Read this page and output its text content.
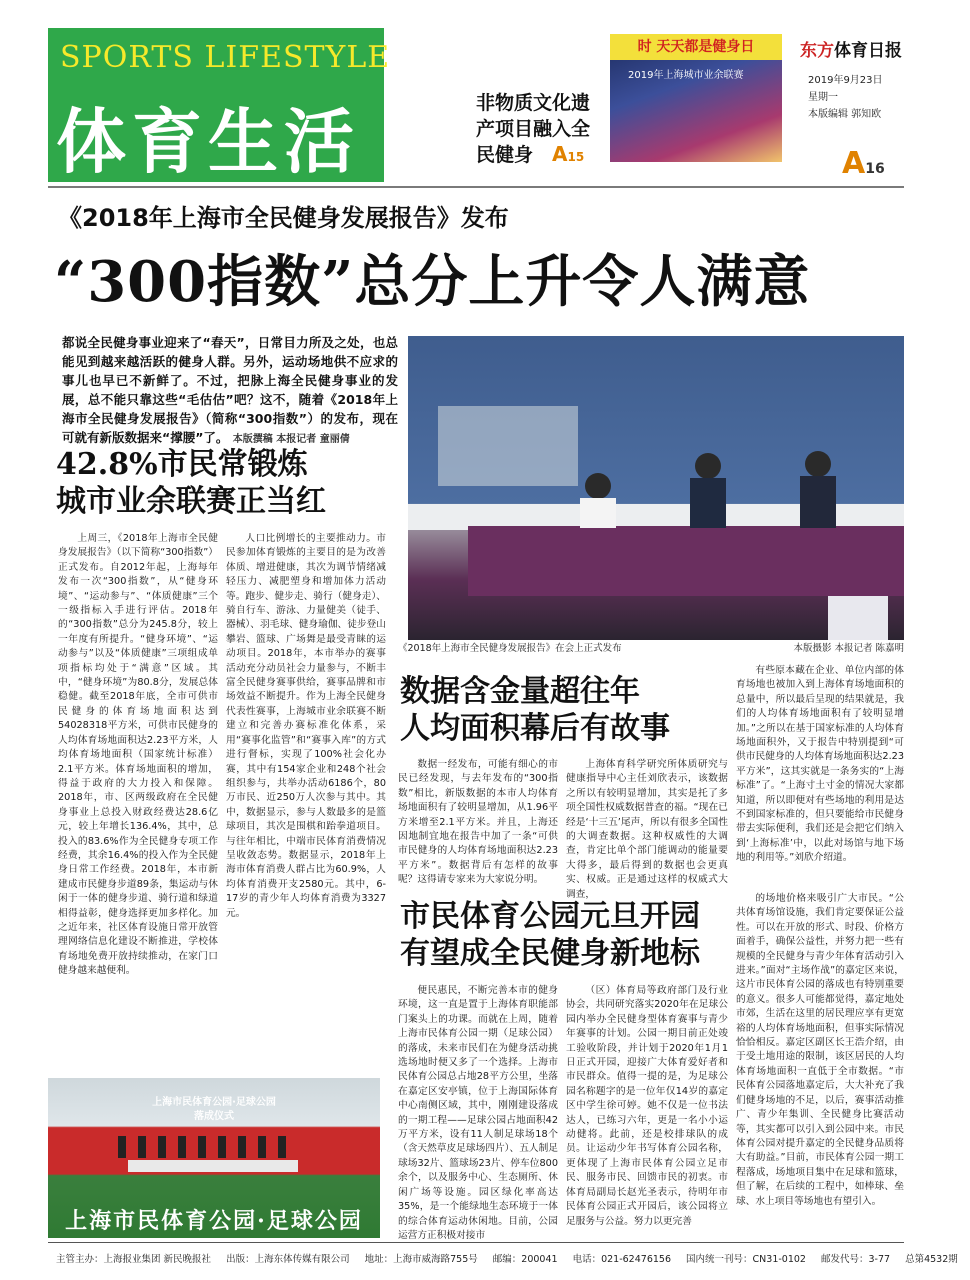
SPORTS LIFESTYLE
体育生活	非物质文化遗产项目融入全民健身 A15
时 天天都是健身日
2019年上海城市业余联赛
东方体育日报
2019年9月23日
星期一
本版编辑 郭知欧
A16
《2018年上海市全民健身发展报告》发布
“300指数”总分上升令人满意
都说全民健身事业迎来了“春天”，日常目力所及之处，也总能见到越来越活跃的健身人群。另外，运动场地供不应求的事儿也早已不新鲜了。不过，把脉上海全民健身事业的发展，总不能只靠这些“毛估估”吧？这不，随着《2018年上海市全民健身发展报告》（简称“300指数”）的发布，现在可就有新版数据来“撑腰”了。 本版撰稿 本报记者 童丽倩
《2018年上海市全民健身发展报告》在会上正式发布	本版摄影 本报记者 陈嘉明
42.8%市民常锻炼
城市业余联赛正当红

上周三，《2018年上海市全民健身发展报告》（以下简称“300指数”）正式发布。自2012年起，上海每年发布一次“300指数”，从“健身环境”、“运动参与”、“体质健康”三个一级指标入手进行评估。2018年的“300指数”总分为245.8分，较上一年度有所提升。“健身环境”、“运动参与”以及“体质健康”三项组成单项指标均处于“满意”区域。其中，“健身环境”为80.8分，发展总体稳健。截至2018年底，全市可供市民健身的体育场地面积达到54028318平方米，可供市民健身的人均体育场地面积达2.23平方米，人均体育场地面积（国家统计标准）2.1平方米。体育场地面积的增加，得益于政府的大力投入和保障。2018年，市、区两级政府在全民健身事业上总投入财政经费达28.6亿元，较上年增长136.4%，其中，总投入的83.6%作为全民健身专项工作经费，其余16.4%的投入作为全民健身日常工作经费。2018年，本市新建成市民健身步道89条，集运动与休闲于一体的健身步道、骑行道和绿道相得益彰，健身选择更加多样化。加之近年来，社区体育设施日常开放管理网络信息化建设不断推进，学校体育场地免费开放持续推动，在家门口健身越来越便利。

人口比例增长的主要推动力。市民参加体育锻炼的主要目的是为改善体质、增进健康，其次为调节情绪减轻压力、减肥塑身和增加体力活动等。跑步、健步走、骑行（健身走）、骑自行车、游泳、力量健美（徒手、器械）、羽毛球、健身瑜伽、徒步登山攀岩、篮球、广场舞是最受青睐的运动项目。2018年，本市举办的赛事活动充分动员社会力量参与，不断丰富全民健身赛事供给，赛事品牌和市场效益不断提升。作为上海全民健身代表性赛事，上海城市业余联赛不断建立和完善办赛标准化体系，采用“赛事化监管”和“赛事入库”的方式进行督标，实现了100%社会化办赛，其中有154家企业和248个社会组织参与，共举办活动6186个，80万市民、近250万人次参与其中。其中，数据显示，参与人数最多的是篮球项目，其次是围棋和跆拳道项目。与往年相比，中端市民体育消费情况呈收敛态势。数据显示，2018年上海市体育消费人群占比为60.9%，人均体育消费开支2580元。其中，6-17岁的青少年人均体育消费为3327元。

数据含金量超往年
人均面积幕后有故事

数据一经发布，可能有细心的市民已经发现，与去年发布的“300指数”相比，新版数据的本市人均体育场地面积有了较明显增加，从1.96平方米增至2.1平方米。并且，上海还因地制宜地在报告中加了一条“可供市民健身的人均体育场地面积达2.23平方米”。数据背后有怎样的故事呢？这得请专家来为大家说分明。

上海体育科学研究所体质研究与健康指导中心主任刘欣表示，该数据之所以有较明显增加，其实是托了多项全国性权威数据普查的福。“现在已经是‘十三五’尾声，所以有很多全国性的大调查数据。这种权威性的大调查，肯定比单个部门能调动的能量要大得多，最后得到的数据也会更真实、权威。正是通过这样的权威式大调查，

有些原本藏在企业、单位内部的体育场地也被加入到上海体育场地面积的总量中，所以最后呈现的结果就是，我们的人均体育场地面积有了较明显增加。”之所以在基于国家标准的人均体育场地面积外，又于报告中特别提到“可供市民健身的人均体育场地面积达2.23平方米”，这其实就是一条务实的“上海标准”了。“上海寸土寸金的情况大家都知道，所以即便对有些场地的利用是达不到国家标准的，但只要能给市民健身带去实际便利，我们还是会把它们纳入到‘上海标准’中，以此对场馆与地下场地的利用等。”刘欣介绍道。

市民体育公园元旦开园
有望成全民健身新地标

便民惠民，不断完善本市的健身环境，这一直是置于上海体育职能部门案头上的功课。而就在上周，随着上海市民体育公园一期（足球公园）的落成，未来市民们在为健身活动挑选场地时便又多了一个选择。上海市民体育公园总占地28平方公里，坐落在嘉定区安亭镇，位于上海国际体育中心南侧区域，其中，刚刚建设落成的一期工程——足球公园占地面积42万平方米，设有11人制足球场18个（含天然草皮足球场四片）、五人制足球场32片、篮球场23片、停车位800余个，以及服务中心、生态厕所、休闲广场等设施。园区绿化率高达35%，是一个能绿地生态环境于一体的综合体育运动休闲地。目前，公园运营方正积极对接市

（区）体育局等政府部门及行业协会，共同研究落实2020年在足球公园内举办全民健身型体育赛事与青少年赛事的计划。公园一期目前正处竣工验收阶段，并计划于2020年1月1日正式开园，迎接广大体育爱好者和市民群众。值得一提的是，为足球公园名称题字的是一位年仅14岁的嘉定区中学生徐可婷。她不仅是一位书法达人，已练习六年，更是一名小小运动健将。此前，还是校排球队的成员。让运动少年书写体育公园名称，更体现了上海市民体育公园立足市民、服务市民、回馈市民的初衷。市体育局副局长赵光圣表示，待明年市民体育公园正式开园后，该公园将立足服务与公益。努力以更完善

的场地价格来吸引广大市民。“公共体育场馆设施，我们肯定要保证公益性。可以在开放的形式、时段、价格方面着手，确保公益性，并努力把一些有规模的全民健身与青少年体育活动引入进来。”面对“主场作战”的嘉定区来说，这片市民体育公园的落成也有特别重要的意义。很多人可能都觉得，嘉定地处市郊，生活在这里的居民理应享有更宽裕的人均体育场地面积，但事实际情况恰恰相反。嘉定区副区长王浩介绍，由于受土地用途的限制，该区居民的人均体育场地面积一直低于全市数据。“市民体育公园落地嘉定后，大大补充了我们健身场地的不足，以后，赛事活动推广、青少年集训、全民健身比赛活动等，其实都可以引入到公园中来。市民体育公园对提升嘉定的全民健身品质将大有助益。”目前，市民体育公园一期工程落成，场地项目集中在足球和篮球，但了解，在后续的工程中，如棒球、垒球、水上项目等场地也有望引入。

上海市民体育公园·足球公园
落成仪式
上海市民体育公园·足球公园
主管主办：上海报业集团 新民晚报社 出版：上海东体传媒有限公司 地址：上海市威海路755号 邮编：200041 电话：021-62476156 国内统一刊号：CN31-0102 邮发代号：3-77 总第4532期
